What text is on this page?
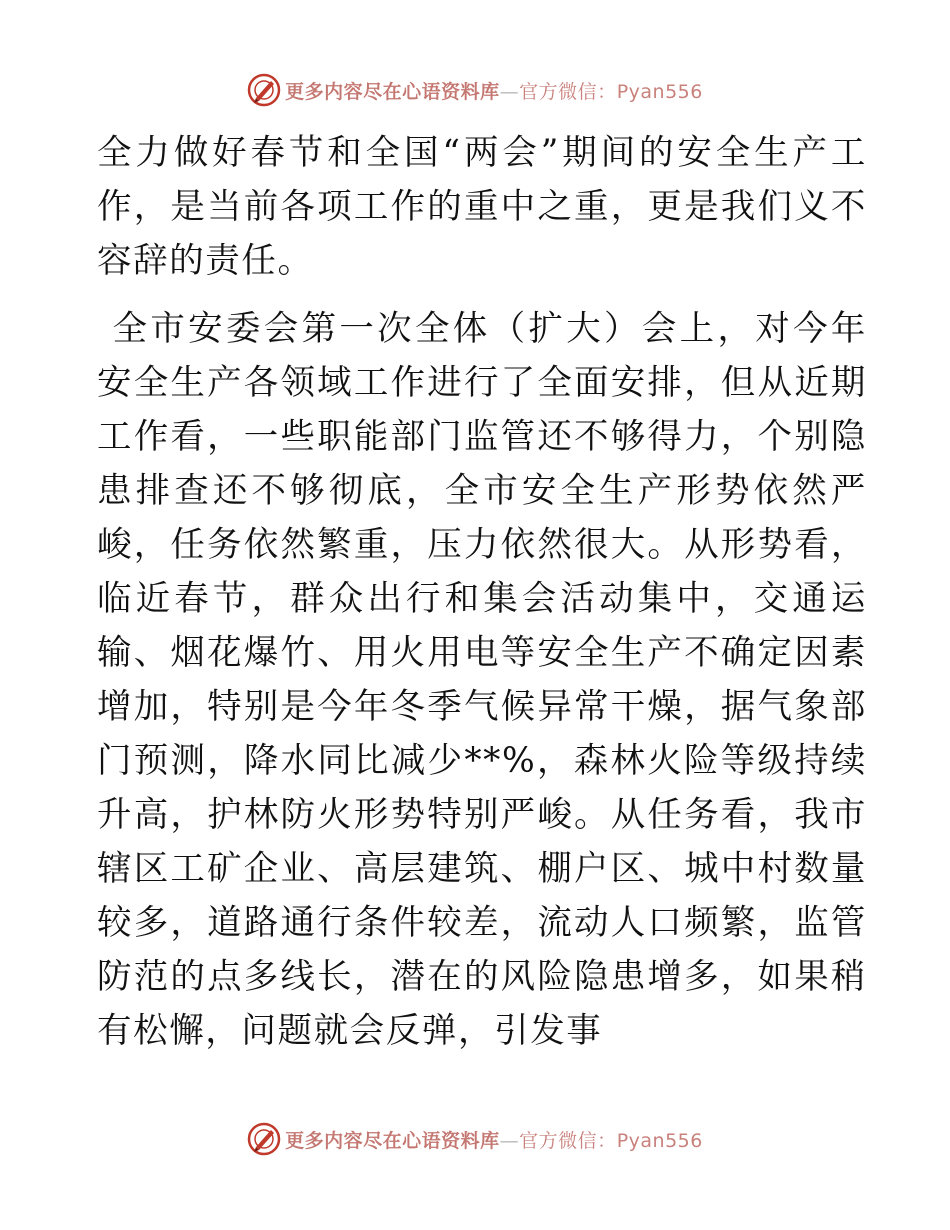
更多内容尽在心语资料库—官方微信：Pyan556

全力做好春节和全国“两会”期间的安全生产工作，是当前各项工作的重中之重，更是我们义不容辞的责任。

全市安委会第一次全体（扩大）会上，对今年安全生产各领域工作进行了全面安排，但从近期工作看，一些职能部门监管还不够得力，个别隐患排查还不够彻底，全市安全生产形势依然严峻，任务依然繁重，压力依然很大。从形势看，临近春节，群众出行和集会活动集中，交通运输、烟花爆竹、用火用电等安全生产不确定因素增加，特别是今年冬季气候异常干燥，据气象部门预测，降水同比减少**%，森林火险等级持续升高，护林防火形势特别严峻。从任务看，我市辖区工矿企业、高层建筑、棚户区、城中村数量较多，道路通行条件较差，流动人口频繁，监管防范的点多线长，潜在的风险隐患增多，如果稍有松懈，问题就会反弹，引发事

更多内容尽在心语资料库—官方微信：Pyan556
